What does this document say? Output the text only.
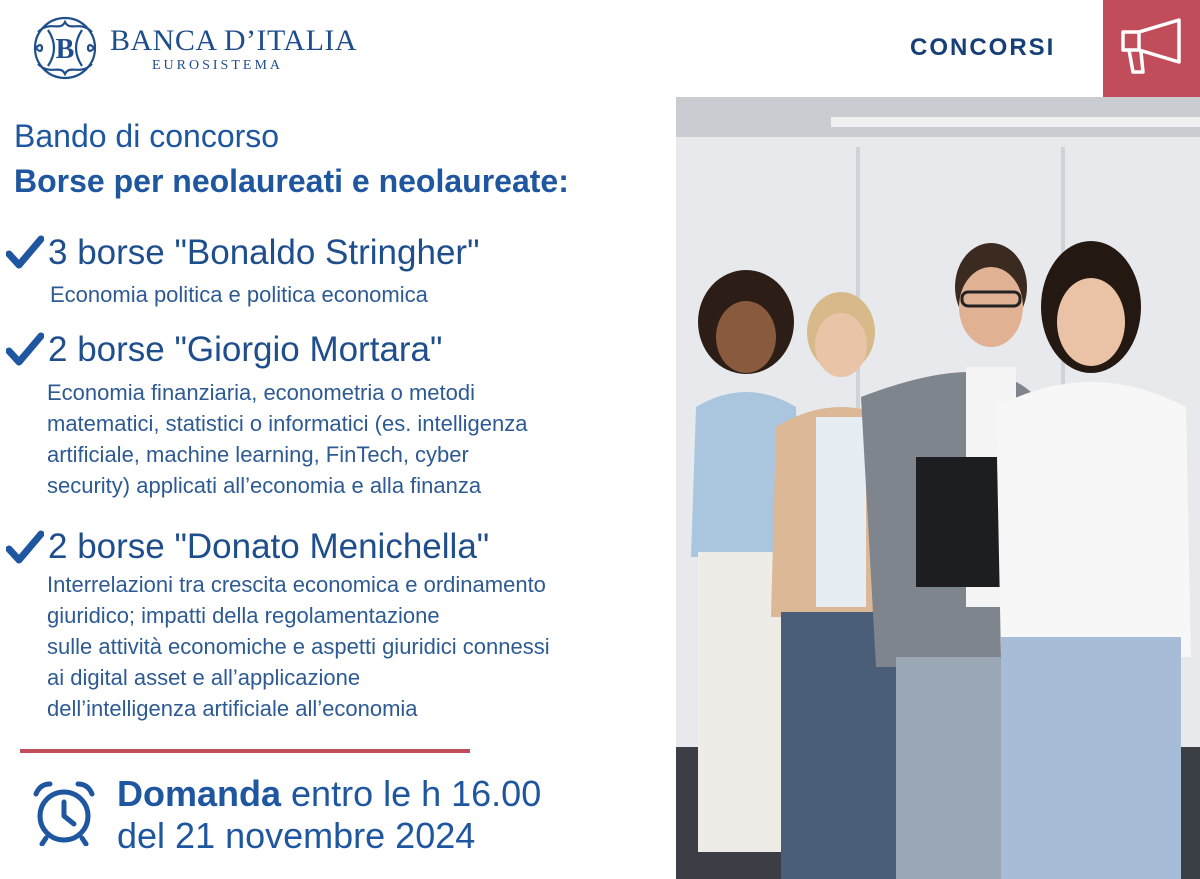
B BANCA D’ITALIA
EUROSISTEMA
CONCORSI
Bando di concorso
Borse per neolaureati e neolaureate:
3 borse "Bonaldo Stringher"
Economia politica e politica economica
2 borse "Giorgio Mortara"
Economia finanziaria, econometria o metodi
matematici, statistici o informatici (es. intelligenza
artificiale, machine learning, FinTech, cyber
security) applicati all’economia e alla finanza
2 borse "Donato Menichella"
Interrelazioni tra crescita economica e ordinamento
giuridico; impatti della regolamentazione
sulle attività economiche e aspetti giuridici connessi
ai digital asset e all’applicazione
dell’intelligenza artificiale all’economia
Domanda entro le h 16.00
del 21 novembre 2024
